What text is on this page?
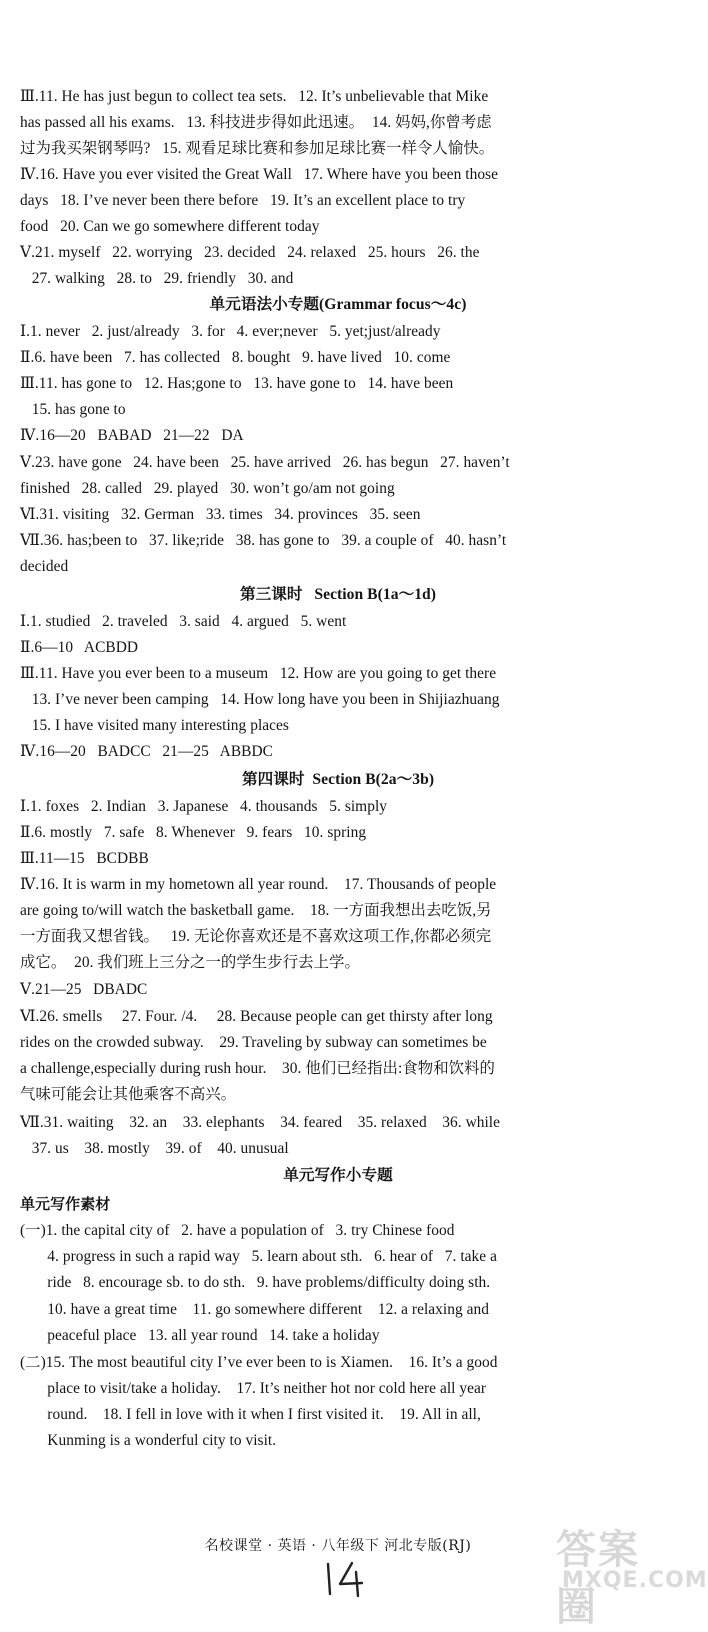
Ⅲ.11. He has just begun to collect tea sets.   12. It’s unbelievable that Mike
has passed all his exams.   13. 科技进步得如此迅速。  14. 妈妈,你曾考虑
过为我买架钢琴吗?   15. 观看足球比赛和参加足球比赛一样令人愉快。
Ⅳ.16. Have you ever visited the Great Wall   17. Where have you been those
days   18. I’ve never been there before   19. It’s an excellent place to try
food   20. Can we go somewhere different today
Ⅴ.21. myself   22. worrying   23. decided   24. relaxed   25. hours   26. the
27. walking   28. to   29. friendly   30. and
单元语法小专题(Grammar focus～4c)
Ⅰ.1. never   2. just/already   3. for   4. ever;never   5. yet;just/already
Ⅱ.6. have been   7. has collected   8. bought   9. have lived   10. come
Ⅲ.11. has gone to   12. Has;gone to   13. have gone to   14. have been
15. has gone to
Ⅳ.16—20   BABAD   21—22   DA
Ⅴ.23. have gone   24. have been   25. have arrived   26. has begun   27. haven’t
finished   28. called   29. played   30. won’t go/am not going
Ⅵ.31. visiting   32. German   33. times   34. provinces   35. seen
Ⅶ.36. has;been to   37. like;ride   38. has gone to   39. a couple of   40. hasn’t
decided
第三课时   Section B(1a～1d)
Ⅰ.1. studied   2. traveled   3. said   4. argued   5. went
Ⅱ.6—10   ACBDD
Ⅲ.11. Have you ever been to a museum   12. How are you going to get there
13. I’ve never been camping   14. How long have you been in Shijiazhuang
15. I have visited many interesting places
Ⅳ.16—20   BADCC   21—25   ABBDC
第四课时  Section B(2a～3b)
Ⅰ.1. foxes   2. Indian   3. Japanese   4. thousands   5. simply
Ⅱ.6. mostly   7. safe   8. Whenever   9. fears   10. spring
Ⅲ.11—15   BCDBB
Ⅳ.16. It is warm in my hometown all year round.    17. Thousands of people
are going to/will watch the basketball game.    18. 一方面我想出去吃饭,另
一方面我又想省钱。   19. 无论你喜欢还是不喜欢这项工作,你都必须完
成它。  20. 我们班上三分之一的学生步行去上学。
Ⅴ.21—25   DBADC
Ⅵ.26. smells     27. Four. /4.     28. Because people can get thirsty after long
rides on the crowded subway.    29. Traveling by subway can sometimes be
a challenge,especially during rush hour.    30. 他们已经指出:食物和饮料的
气味可能会让其他乘客不高兴。
Ⅶ.31. waiting    32. an    33. elephants    34. feared    35. relaxed    36. while
37. us    38. mostly    39. of    40. unusual
单元写作小专题
单元写作素材
(一)1. the capital city of   2. have a population of   3. try Chinese food
4. progress in such a rapid way   5. learn about sth.   6. hear of   7. take a
ride   8. encourage sb. to do sth.   9. have problems/difficulty doing sth.
10. have a great time    11. go somewhere different    12. a relaxing and
peaceful place   13. all year round   14. take a holiday
(二)15. The most beautiful city I’ve ever been to is Xiamen.    16. It’s a good
place to visit/take a holiday.    17. It’s neither hot nor cold here all year
round.    18. I fell in love with it when I first visited it.    19. All in all,
Kunming is a wonderful city to visit.
名校课堂 · 英语 · 八年级下 河北专版(RJ)	答案圈
MXQE.COM
